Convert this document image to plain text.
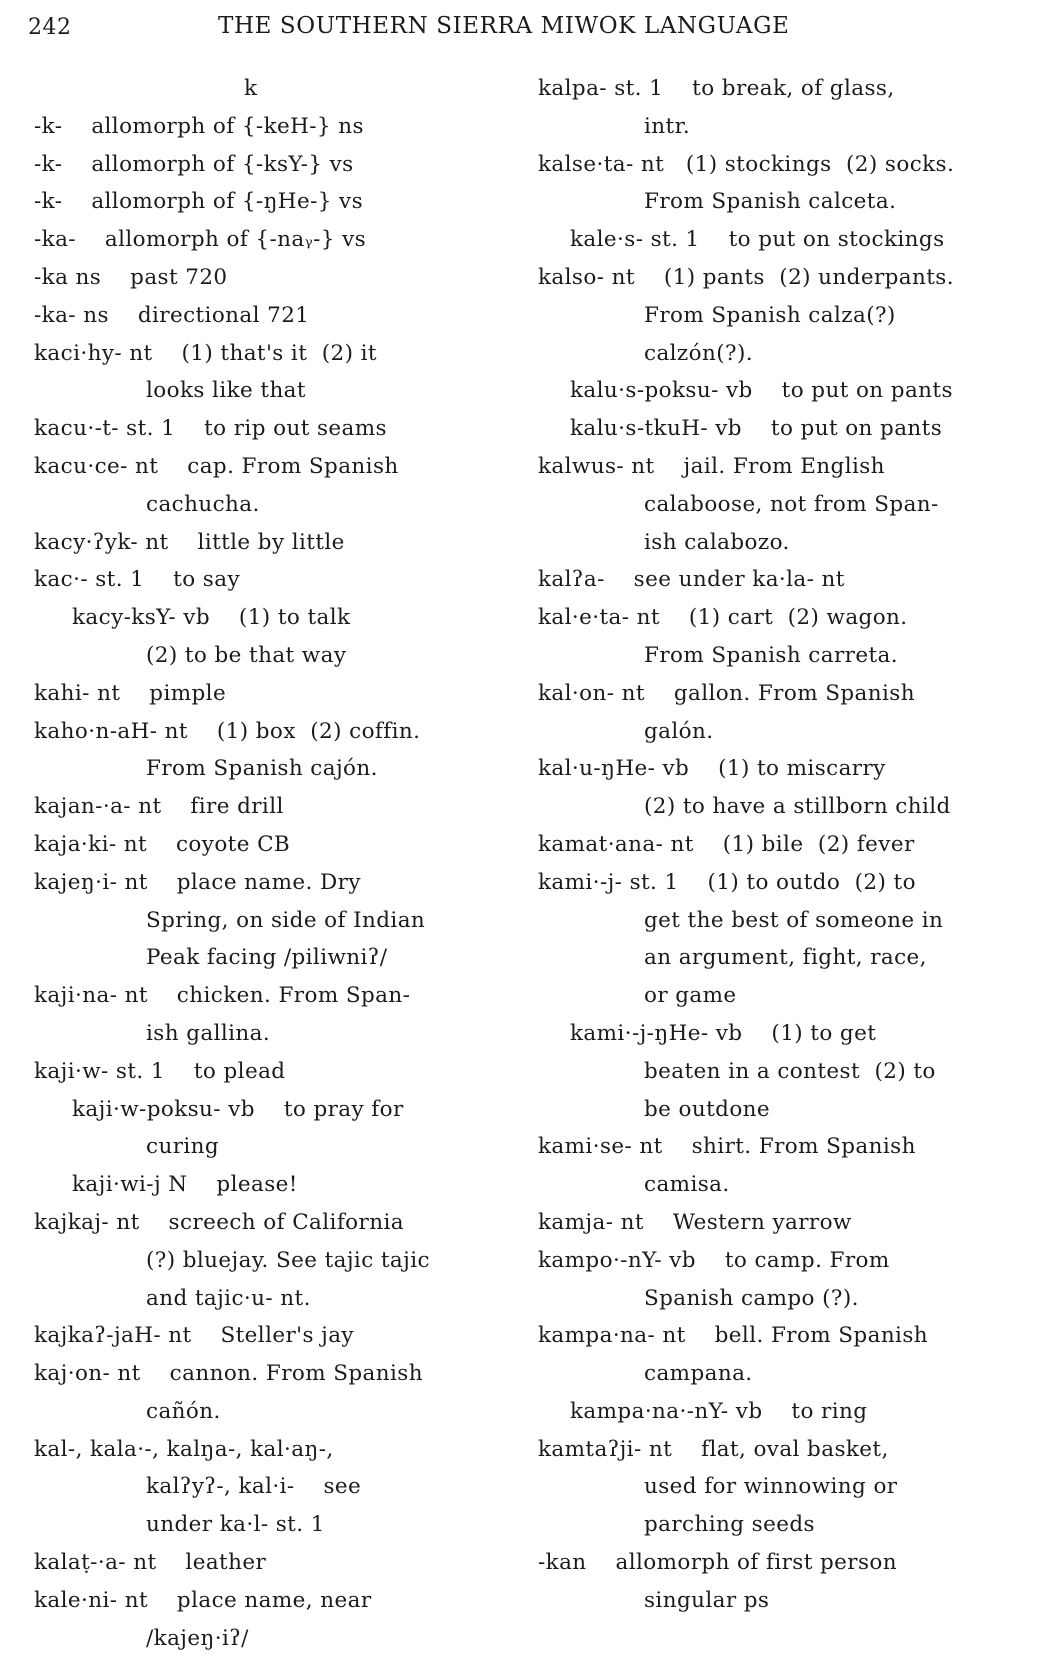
242	THE SOUTHERN SIERRA MIWOK LANGUAGE
k
-k-    allomorph of {-keH-} ns
-k-    allomorph of {-ksY-} vs
-k-    allomorph of {-ŋHe-} vs
-ka-    allomorph of {-naᵧ-} vs
-ka ns    past 720
-ka- ns    directional 721
kaci·hy- nt    (1) that's it  (2) it
looks like that
kacu·-t- st. 1    to rip out seams
kacu·ce- nt    cap. From Spanish
cachucha.
kacy·ʔyk- nt    little by little
kac·- st. 1    to say
kacy-ksY- vb    (1) to talk
(2) to be that way
kahi- nt    pimple
kaho·n-aH- nt    (1) box  (2) coffin.
From Spanish cajón.
kajan-·a- nt    fire drill
kaja·ki- nt    coyote CB
kajeŋ·i- nt    place name. Dry
Spring, on side of Indian
Peak facing /piliwniʔ/
kaji·na- nt    chicken. From Span-
ish gallina.
kaji·w- st. 1    to plead
kaji·w-poksu- vb    to pray for
curing
kaji·wi-j N    please!
kajkaj- nt    screech of California
(?) bluejay. See tajic tajic
and tajic·u- nt.
kajkaʔ-jaH- nt    Steller's jay
kaj·on- nt    cannon. From Spanish
cañón.
kal-, kala·-, kalŋa-, kal·aŋ-,
kalʔyʔ-, kal·i-    see
under ka·l- st. 1
kalaṭ-·a- nt    leather
kale·ni- nt    place name, near
/kajeŋ·iʔ/
kalpa- st. 1    to break, of glass,
intr.
kalse·ta- nt   (1) stockings  (2) socks.
From Spanish calceta.
kale·s- st. 1    to put on stockings
kalso- nt    (1) pants  (2) underpants.
From Spanish calza(?)
calzón(?).
kalu·s-poksu- vb    to put on pants
kalu·s-tkuH- vb    to put on pants
kalwus- nt    jail. From English
calaboose, not from Span-
ish calabozo.
kalʔa-    see under ka·la- nt
kal·e·ta- nt    (1) cart  (2) wagon.
From Spanish carreta.
kal·on- nt    gallon. From Spanish
galón.
kal·u-ŋHe- vb    (1) to miscarry
(2) to have a stillborn child
kamat·ana- nt    (1) bile  (2) fever
kami·-j- st. 1    (1) to outdo  (2) to
get the best of someone in
an argument, fight, race,
or game
kami·-j-ŋHe- vb    (1) to get
beaten in a contest  (2) to
be outdone
kami·se- nt    shirt. From Spanish
camisa.
kamja- nt    Western yarrow
kampo·-nY- vb    to camp. From
Spanish campo (?).
kampa·na- nt    bell. From Spanish
campana.
kampa·na·-nY- vb    to ring
kamtaʔji- nt    flat, oval basket,
used for winnowing or
parching seeds
-kan    allomorph of first person
singular ps
